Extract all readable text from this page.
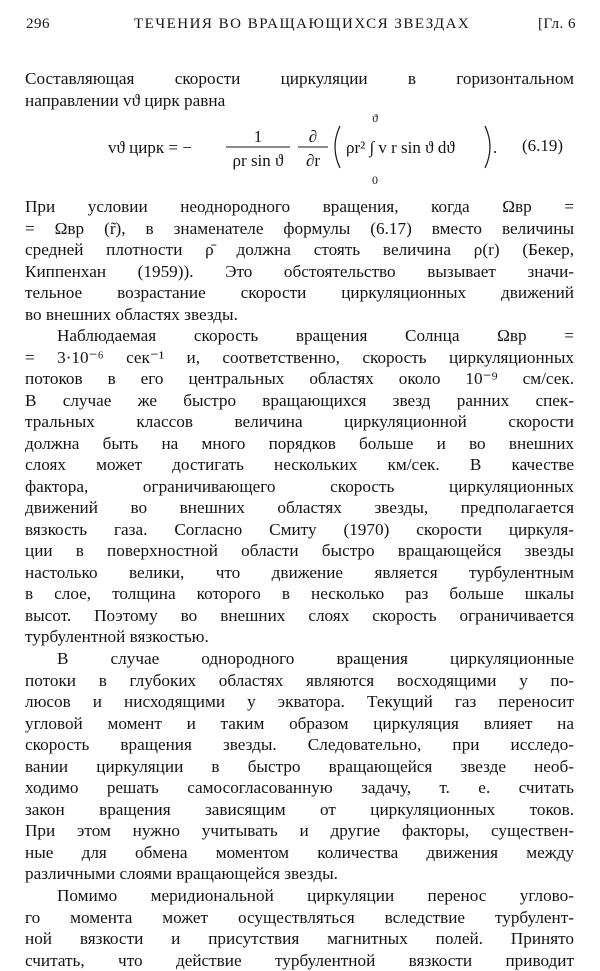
296	ТЕЧЕНИЯ ВО ВРАЩАЮЩИХСЯ ЗВЕЗДАХ	[Гл. 6
Составляющая скорости циркуляции в горизонтальном
направлении vϑ цирк равна
vϑ цирк = −
1
ρr sin ϑ
∂
∂r
ρr² ∫ v r sin ϑ dϑ .
ϑ
0
(6.19)
При условии неоднородного вращения, когда Ωвр =
= Ωвр (r̃), в знаменателе формулы (6.17) вместо величины
средней плотности ρ̄ должна стоять величина ρ(r) (Бекер,
Киппенхан (1959)). Это обстоятельство вызывает значи-
тельное возрастание скорости циркуляционных движений
во внешних областях звезды.
Наблюдаемая скорость вращения Солнца Ωвр =
= 3·10⁻⁶ сек⁻¹ и, соответственно, скорость циркуляционных
потоков в его центральных областях около 10⁻⁹ см/сек.
В случае же быстро вращающихся звезд ранних спек-
тральных классов величина циркуляционной скорости
должна быть на много порядков больше и во внешних
слоях может достигать нескольких км/сек. В качестве
фактора, ограничивающего скорость циркуляционных
движений во внешних областях звезды, предполагается
вязкость газа. Согласно Смиту (1970) скорости циркуля-
ции в поверхностной области быстро вращающейся звезды
настолько велики, что движение является турбулентным
в слое, толщина которого в несколько раз больше шкалы
высот. Поэтому во внешних слоях скорость ограничивается
турбулентной вязкостью.
В случае однородного вращения циркуляционные
потоки в глубоких областях являются восходящими у по-
люсов и нисходящими у экватора. Текущий газ переносит
угловой момент и таким образом циркуляция влияет на
скорость вращения звезды. Следовательно, при исследо-
вании циркуляции в быстро вращающейся звезде необ-
ходимо решать самосогласованную задачу, т. е. считать
закон вращения зависящим от циркуляционных токов.
При этом нужно учитывать и другие факторы, существен-
ные для обмена моментом количества движения между
различными слоями вращающейся звезды.
Помимо меридиональной циркуляции перенос углово-
го момента может осуществляться вследствие турбулент-
ной вязкости и присутствия магнитных полей. Принято
считать, что действие турбулентной вязкости приводит
